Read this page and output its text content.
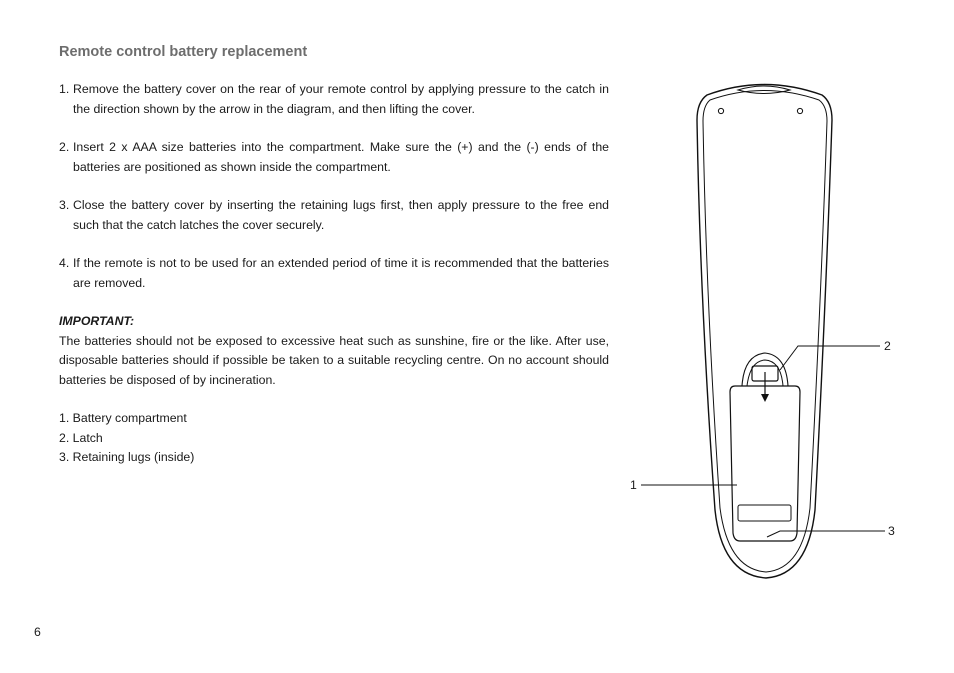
Remote control battery replacement
1. Remove the battery cover on the rear of your remote control by applying pressure to the catch in the direction shown by the arrow in the diagram, and then lifting the cover.
2. Insert 2 x AAA size batteries into the compartment. Make sure the (+) and the (-) ends of the batteries are positioned as shown inside the compartment.
3. Close the battery cover by inserting the retaining lugs first, then apply pressure to the free end such that the catch latches the cover securely.
4. If the remote is not to be used for an extended period of time it is recommended that the batteries are removed.

IMPORTANT:

The batteries should not be exposed to excessive heat such as sunshine, fire or the like. After use, disposable batteries should if possible be taken to a suitable recycling centre. On no account should batteries be disposed of by incineration.

1. Battery compartment
2. Latch
3. Retaining lugs (inside)
1
2
3
6
